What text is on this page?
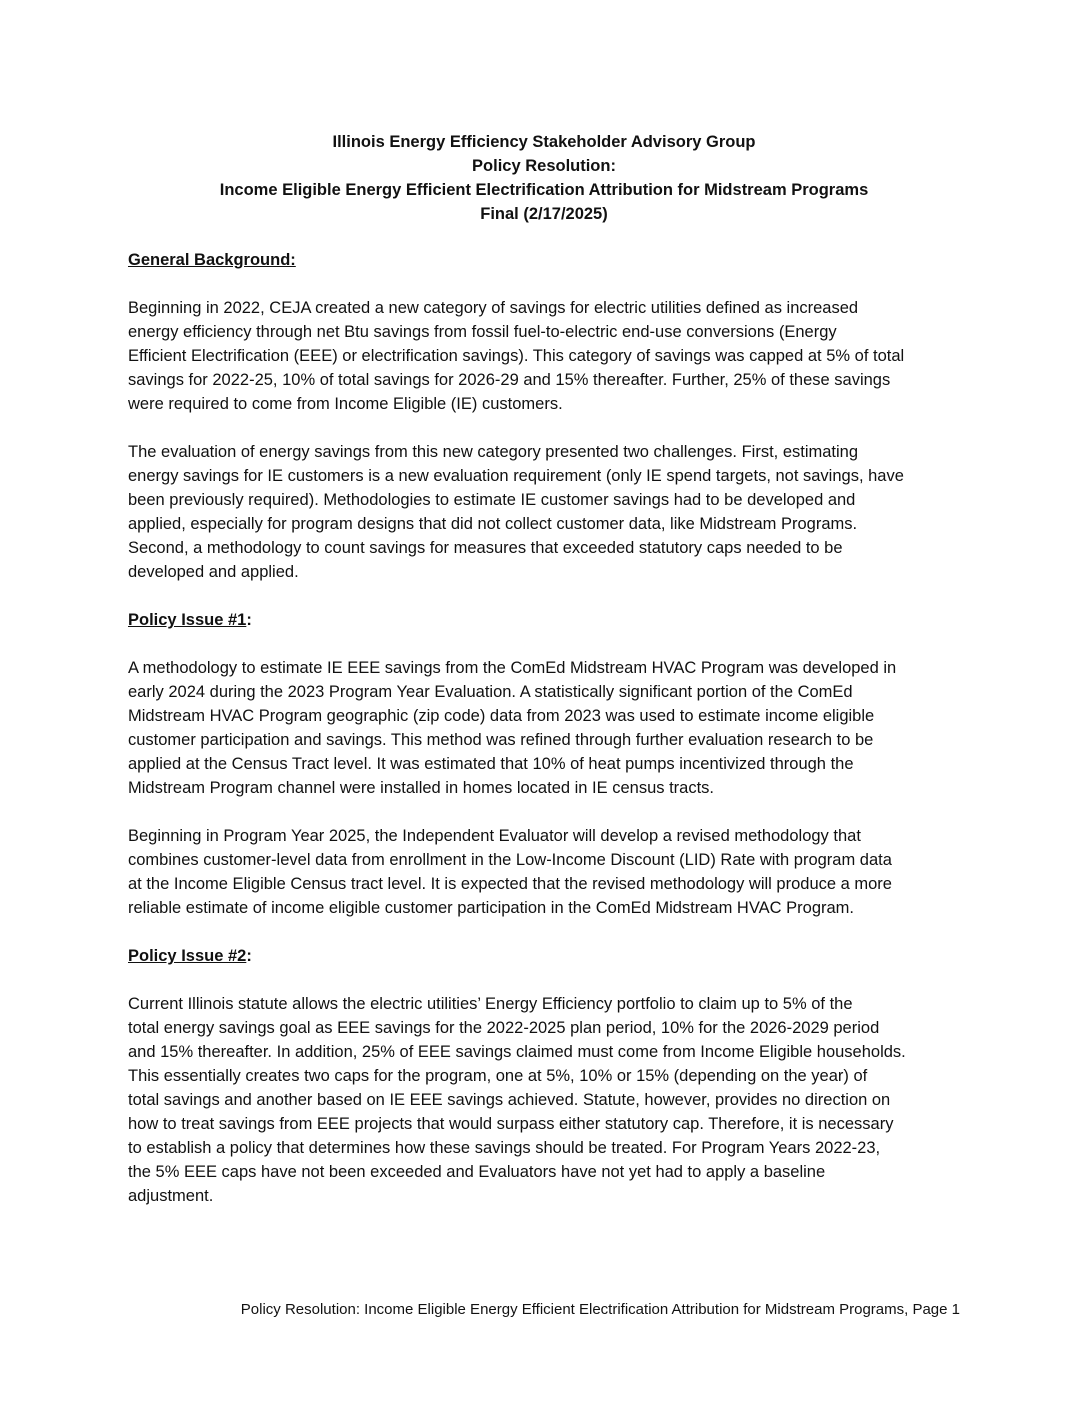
Illinois Energy Efficiency Stakeholder Advisory Group
Policy Resolution:
Income Eligible Energy Efficient Electrification Attribution for Midstream Programs
Final (2/17/2025)
General Background:
Beginning in 2022, CEJA created a new category of savings for electric utilities defined as increased
energy efficiency through net Btu savings from fossil fuel-to-electric end-use conversions (Energy
Efficient Electrification (EEE) or electrification savings). This category of savings was capped at 5% of total
savings for 2022-25, 10% of total savings for 2026-29 and 15% thereafter. Further, 25% of these savings
were required to come from Income Eligible (IE) customers.
The evaluation of energy savings from this new category presented two challenges. First, estimating
energy savings for IE customers is a new evaluation requirement (only IE spend targets, not savings, have
been previously required). Methodologies to estimate IE customer savings had to be developed and
applied, especially for program designs that did not collect customer data, like Midstream Programs.
Second, a methodology to count savings for measures that exceeded statutory caps needed to be
developed and applied.
Policy Issue #1:
A methodology to estimate IE EEE savings from the ComEd Midstream HVAC Program was developed in
early 2024 during the 2023 Program Year Evaluation. A statistically significant portion of the ComEd
Midstream HVAC Program geographic (zip code) data from 2023 was used to estimate income eligible
customer participation and savings. This method was refined through further evaluation research to be
applied at the Census Tract level. It was estimated that 10% of heat pumps incentivized through the
Midstream Program channel were installed in homes located in IE census tracts.
Beginning in Program Year 2025, the Independent Evaluator will develop a revised methodology that
combines customer-level data from enrollment in the Low-Income Discount (LID) Rate with program data
at the Income Eligible Census tract level. It is expected that the revised methodology will produce a more
reliable estimate of income eligible customer participation in the ComEd Midstream HVAC Program.
Policy Issue #2:
Current Illinois statute allows the electric utilities’ Energy Efficiency portfolio to claim up to 5% of the
total energy savings goal as EEE savings for the 2022-2025 plan period, 10% for the 2026-2029 period
and 15% thereafter. In addition, 25% of EEE savings claimed must come from Income Eligible households.
This essentially creates two caps for the program, one at 5%, 10% or 15% (depending on the year) of
total savings and another based on IE EEE savings achieved. Statute, however, provides no direction on
how to treat savings from EEE projects that would surpass either statutory cap. Therefore, it is necessary
to establish a policy that determines how these savings should be treated. For Program Years 2022-23,
the 5% EEE caps have not been exceeded and Evaluators have not yet had to apply a baseline
adjustment.
Policy Resolution: Income Eligible Energy Efficient Electrification Attribution for Midstream Programs, Page 1
